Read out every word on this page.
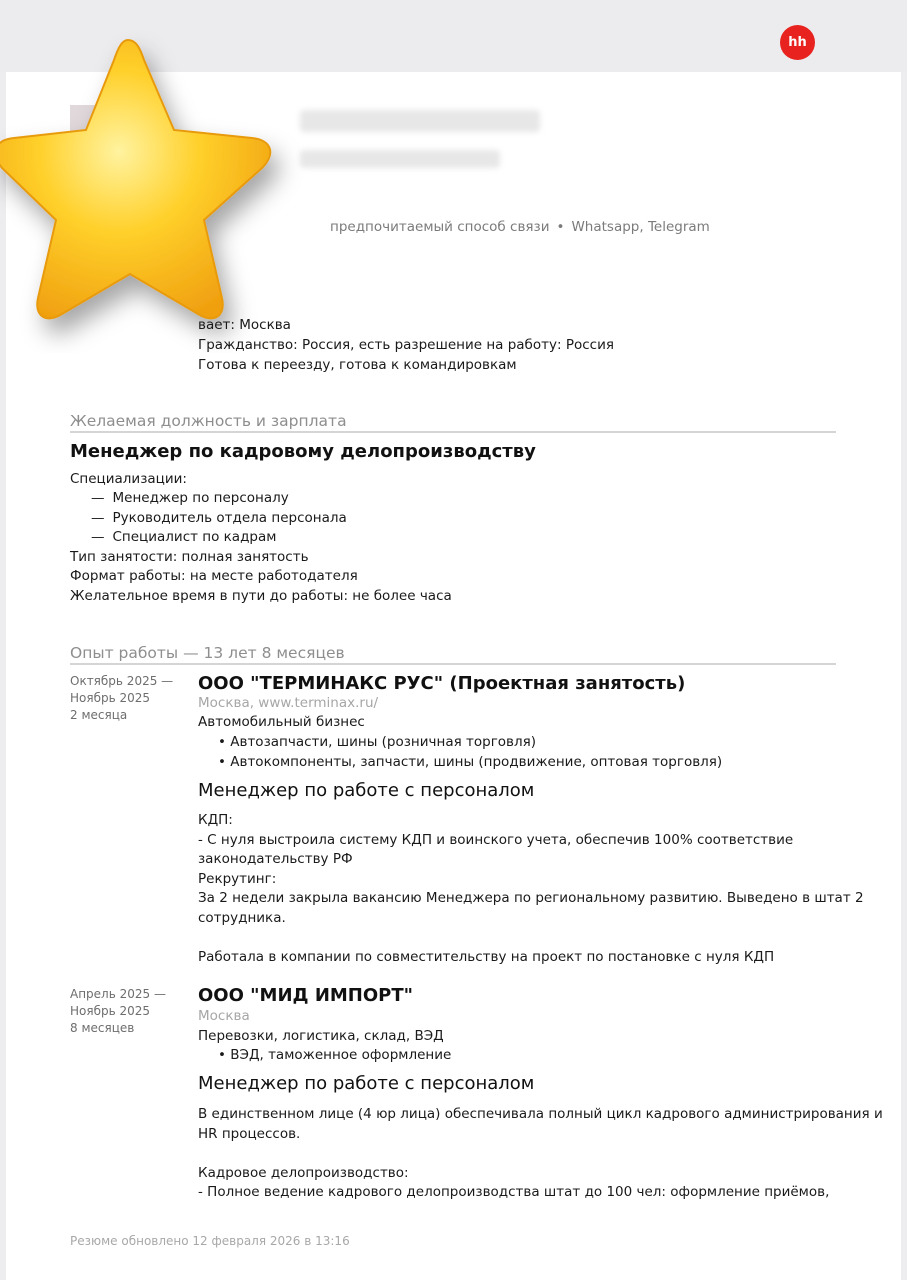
hh
предпочитаемый способ связи • Whatsapp, Telegram
вает: Москва
Гражданство: Россия, есть разрешение на работу: Россия
Готова к переезду, готова к командировкам
Желаемая должность и зарплата
Менеджер по кадровому делопроизводству
Специализации:
— Менеджер по персоналу
— Руководитель отдела персонала
— Специалист по кадрам
Тип занятости: полная занятость
Формат работы: на месте работодателя
Желательное время в пути до работы: не более часа
Опыт работы — 13 лет 8 месяцев
Октябрь 2025 —
Ноябрь 2025
2 месяца
ООО "ТЕРМИНАКС РУС" (Проектная занятость)
Москва, www.terminax.ru/
Автомобильный бизнес
• Автозапчасти, шины (розничная торговля)
• Автокомпоненты, запчасти, шины (продвижение, оптовая торговля)
Менеджер по работе с персоналом
КДП:
- С нуля выстроила систему КДП и воинского учета, обеспечив 100% соответствие
законодательству РФ
Рекрутинг:
За 2 недели закрыла вакансию Менеджера по региональному развитию. Выведено в штат 2
сотрудника.
Работала в компании по совместительству на проект по постановке с нуля КДП
Апрель 2025 —
Ноябрь 2025
8 месяцев
ООО "МИД ИМПОРТ"
Москва
Перевозки, логистика, склад, ВЭД
• ВЭД, таможенное оформление
Менеджер по работе с персоналом
В единственном лице (4 юр лица) обеспечивала полный цикл кадрового администрирования и
HR процессов.
Кадровое делопроизводство:
- Полное ведение кадрового делопроизводства штат до 100 чел: оформление приёмов,
Резюме обновлено 12 февраля 2026 в 13:16
